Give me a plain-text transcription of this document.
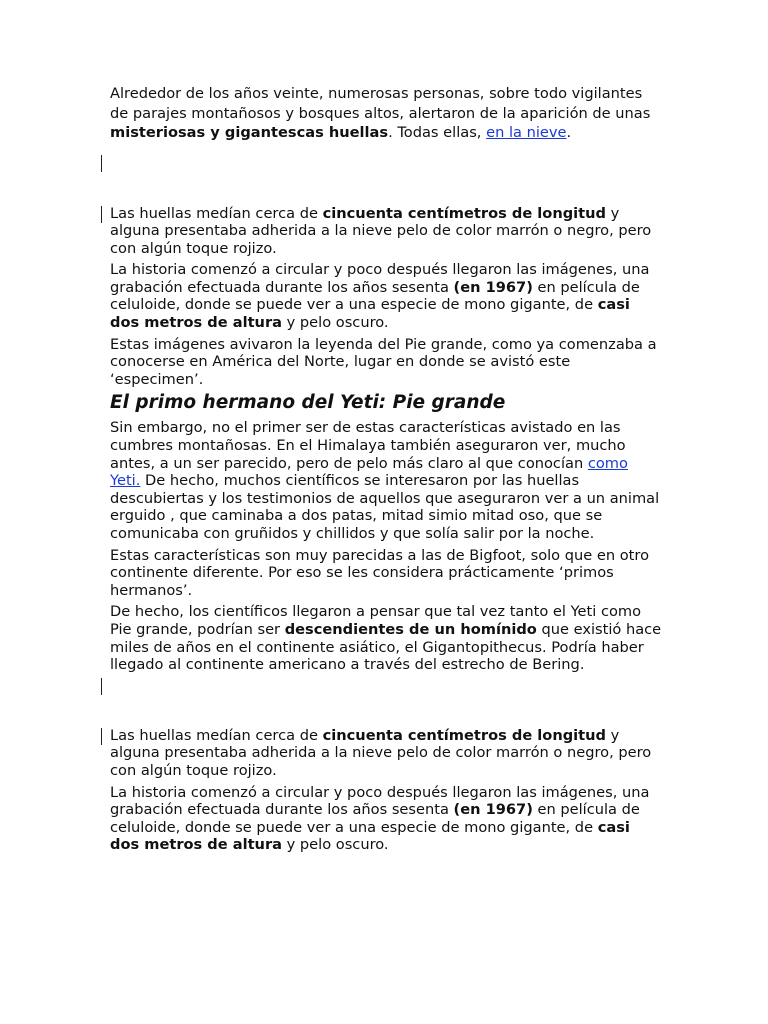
Alrededor de los años veinte, numerosas personas, sobre todo vigilantes de parajes montañosos y bosques altos, alertaron de la aparición de unas misteriosas y gigantescas huellas. Todas ellas, en la nieve.

Las huellas medían cerca de cincuenta centímetros de longitud y alguna presentaba adherida a la nieve pelo de color marrón o negro, pero con algún toque rojizo.

La historia comenzó a circular y poco después llegaron las imágenes, una grabación efectuada durante los años sesenta (en 1967) en película de celuloide, donde se puede ver a una especie de mono gigante, de casi dos metros de altura y pelo oscuro.

Estas imágenes avivaron la leyenda del Pie grande, como ya comenzaba a conocerse en América del Norte, lugar en donde se avistó este ‘especimen’.

El primo hermano del Yeti: Pie grande

Sin embargo, no el primer ser de estas características avistado en las cumbres montañosas. En el Himalaya también aseguraron ver, mucho antes, a un ser parecido, pero de pelo más claro al que conocían como Yeti. De hecho, muchos científicos se interesaron por las huellas descubiertas y los testimonios de aquellos que aseguraron ver a un animal erguido , que caminaba a dos patas, mitad simio mitad oso, que se comunicaba con gruñidos y chillidos y que solía salir por la noche.

Estas características son muy parecidas a las de Bigfoot, solo que en otro continente diferente. Por eso se les considera prácticamente ‘primos hermanos’.

De hecho, los científicos llegaron a pensar que tal vez tanto el Yeti como Pie grande, podrían ser descendientes de un homínido que existió hace miles de años en el continente asiático, el Gigantopithecus. Podría haber llegado al continente americano a través del estrecho de Bering.

Las huellas medían cerca de cincuenta centímetros de longitud y alguna presentaba adherida a la nieve pelo de color marrón o negro, pero con algún toque rojizo.

La historia comenzó a circular y poco después llegaron las imágenes, una grabación efectuada durante los años sesenta (en 1967) en película de celuloide, donde se puede ver a una especie de mono gigante, de casi dos metros de altura y pelo oscuro.
